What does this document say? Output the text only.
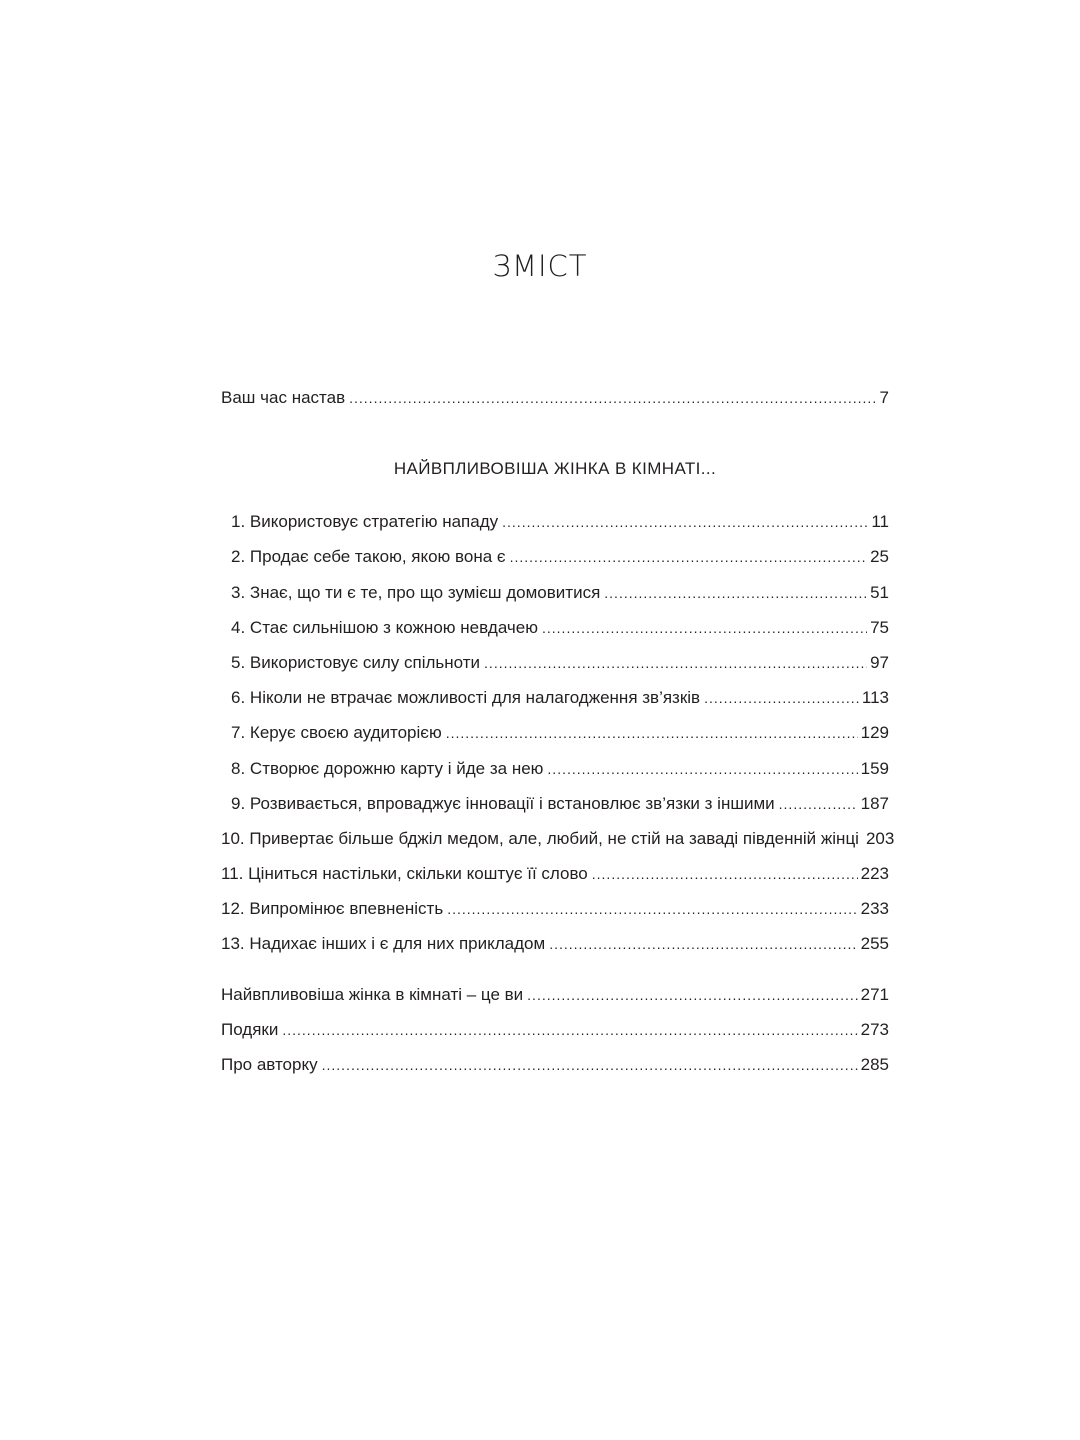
ЗМІСТ
Ваш час настав .....	7
НАЙВПЛИВОВІША ЖІНКА В КІМНАТІ...
1. Використовує стратегію нападу .....	11
2. Продає себе такою, якою вона є .....	25
3. Знає, що ти є те, про що зумієш домовитися .....	51
4. Стає сильнішою з кожною невдачею .....	75
5. Використовує силу спільноти .....	97
6. Ніколи не втрачає можливості для налагодження зв’язків .....	113
7. Керує своєю аудиторією .....	129
8. Створює дорожню карту і йде за нею .....	159
9. Розвивається, впроваджує інновації і встановлює зв’язки з іншими .....	187
10. Привертає більше бджіл медом, але, любий, не стій на заваді південній жінці 203
11. Ціниться настільки, скільки коштує її слово .....	223
12. Випромінює впевненість .....	233
13. Надихає інших і є для них прикладом .....	255
Найвпливовіша жінка в кімнаті – це ви .....	271
Подяки .....	273
Про авторку .....	285
